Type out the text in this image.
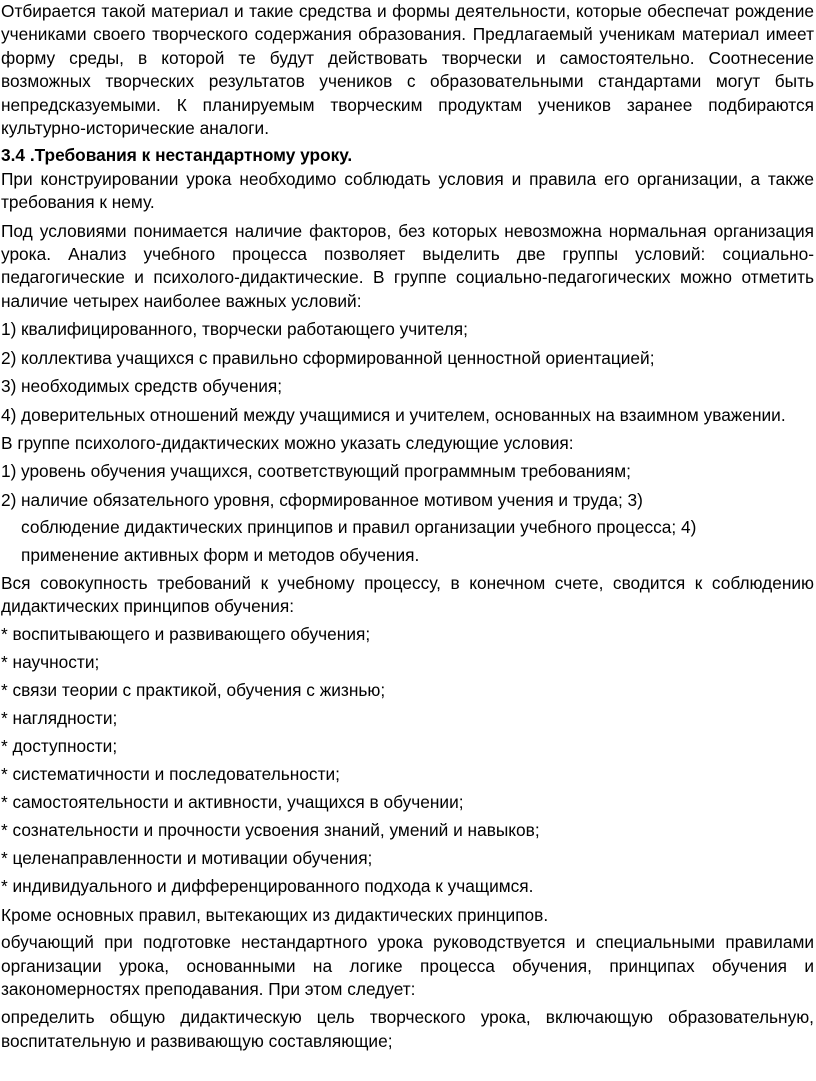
Отбирается такой материал и такие средства и формы деятельности, которые обеспечат рождение учениками своего творческого содержания образования. Предлагаемый ученикам материал имеет форму среды, в которой те будут действовать творчески и самостоятельно. Соотнесение возможных творческих результатов учеников с образовательными стандартами могут быть непредсказуемыми. К планируемым творческим продуктам учеников заранее подбираются культурно-исторические аналоги.

3.4 .Требования к нестандартному уроку.

При конструировании урока необходимо соблюдать условия и правила его организации, а также требования к нему.

Под условиями понимается наличие факторов, без которых невозможна нормальная организация урока. Анализ учебного процесса позволяет выделить две группы условий: социально-педагогические и психолого-дидактические. В группе социально-педагогических можно отметить наличие четырех наиболее важных условий:

1) квалифицированного, творчески работающего учителя;
2) коллектива учащихся с правильно сформированной ценностной ориентацией;
3) необходимых средств обучения;
4) доверительных отношений между учащимися и учителем, основанных на взаимном уважении.

В группе психолого-дидактических можно указать следующие условия:

1) уровень обучения учащихся, соответствующий программным требованиям;
2) наличие обязательного уровня, сформированное мотивом учения и труда; 3)

соблюдение дидактических принципов и правил организации учебного процесса; 4)

применение активных форм и методов обучения.

Вся совокупность требований к учебному процессу, в конечном счете, сводится к соблюдению дидактических принципов обучения:

* воспитывающего и развивающего обучения;

* научности;

* связи теории с практикой, обучения с жизнью;

* наглядности;

* доступности;

* систематичности и последовательности;

* самостоятельности и активности, учащихся в обучении;

* сознательности и прочности усвоения знаний, умений и навыков;

* целенаправленности и мотивации обучения;

* индивидуального и дифференцированного подхода к учащимся.

Кроме основных правил, вытекающих из дидактических принципов.

обучающий при подготовке нестандартного урока руководствуется и специальными правилами организации урока, основанными на логике процесса обучения, принципах обучения и закономерностях преподавания. При этом следует:

определить общую дидактическую цель творческого урока, включающую образовательную, воспитательную и развивающую составляющие;
